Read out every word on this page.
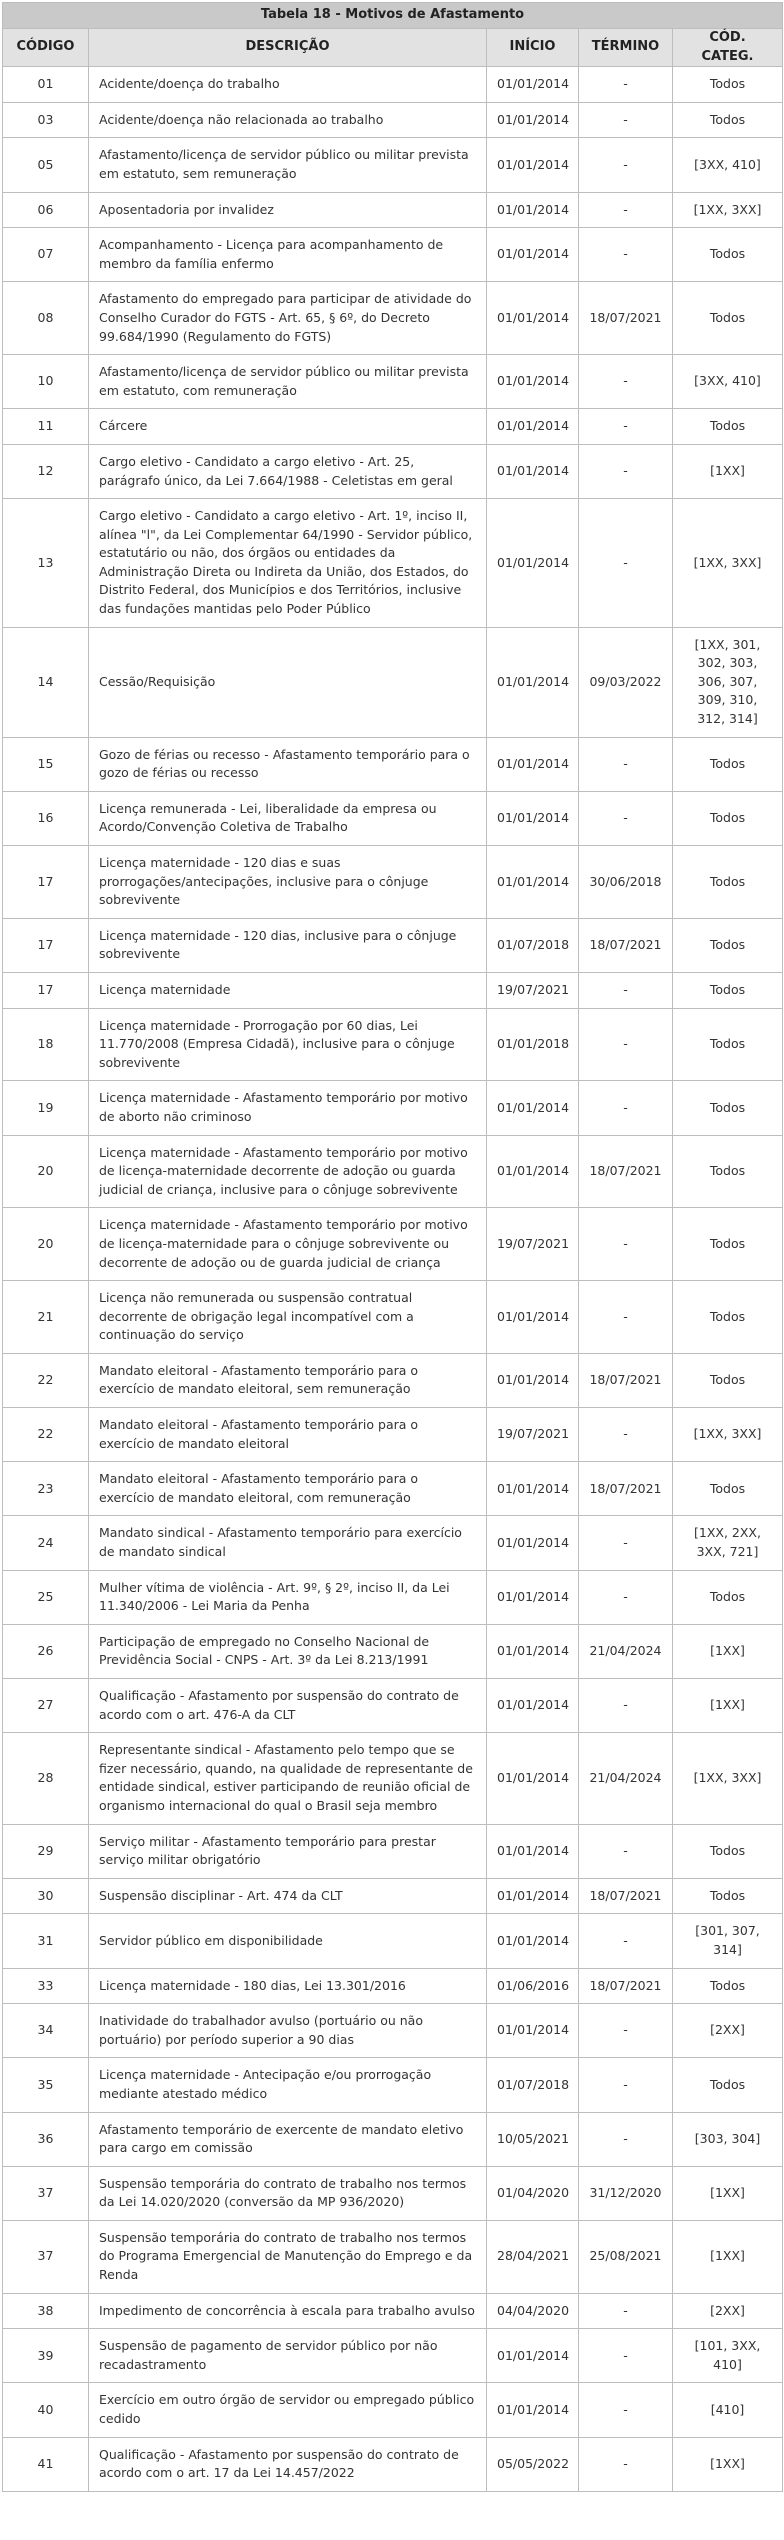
Tabela 18 - Motivos de Afastamento				
CÓDIGO	DESCRIÇÃO	INÍCIO	TÉRMINO	CÓD. CATEG.
01	Acidente/doença do trabalho	01/01/2014	-	Todos
03	Acidente/doença não relacionada ao trabalho	01/01/2014	-	Todos
05	Afastamento/licença de servidor público ou militar prevista em estatuto, sem remuneração	01/01/2014	-	[3XX, 410]
06	Aposentadoria por invalidez	01/01/2014	-	[1XX, 3XX]
07	Acompanhamento - Licença para acompanhamento de membro da família enfermo	01/01/2014	-	Todos
08	Afastamento do empregado para participar de atividade do Conselho Curador do FGTS - Art. 65, § 6º, do Decreto 99.684/1990 (Regulamento do FGTS)	01/01/2014	18/07/2021	Todos
10	Afastamento/licença de servidor público ou militar prevista em estatuto, com remuneração	01/01/2014	-	[3XX, 410]
11	Cárcere	01/01/2014	-	Todos
12	Cargo eletivo - Candidato a cargo eletivo - Art. 25, parágrafo único, da Lei 7.664/1988 - Celetistas em geral	01/01/2014	-	[1XX]
13	Cargo eletivo - Candidato a cargo eletivo - Art. 1º, inciso II, alínea "l", da Lei Complementar 64/1990 - Servidor público, estatutário ou não, dos órgãos ou entidades da Administração Direta ou Indireta da União, dos Estados, do Distrito Federal, dos Municípios e dos Territórios, inclusive das fundações mantidas pelo Poder Público	01/01/2014	-	[1XX, 3XX]
14	Cessão/Requisição	01/01/2014	09/03/2022	[1XX, 301, 302, 303, 306, 307, 309, 310, 312, 314]
15	Gozo de férias ou recesso - Afastamento temporário para o gozo de férias ou recesso	01/01/2014	-	Todos
16	Licença remunerada - Lei, liberalidade da empresa ou Acordo/Convenção Coletiva de Trabalho	01/01/2014	-	Todos
17	Licença maternidade - 120 dias e suas prorrogações/antecipações, inclusive para o cônjuge sobrevivente	01/01/2014	30/06/2018	Todos
17	Licença maternidade - 120 dias, inclusive para o cônjuge sobrevivente	01/07/2018	18/07/2021	Todos
17	Licença maternidade	19/07/2021	-	Todos
18	Licença maternidade - Prorrogação por 60 dias, Lei 11.770/2008 (Empresa Cidadã), inclusive para o cônjuge sobrevivente	01/01/2018	-	Todos
19	Licença maternidade - Afastamento temporário por motivo de aborto não criminoso	01/01/2014	-	Todos
20	Licença maternidade - Afastamento temporário por motivo de licença-maternidade decorrente de adoção ou guarda judicial de criança, inclusive para o cônjuge sobrevivente	01/01/2014	18/07/2021	Todos
20	Licença maternidade - Afastamento temporário por motivo de licença-maternidade para o cônjuge sobrevivente ou decorrente de adoção ou de guarda judicial de criança	19/07/2021	-	Todos
21	Licença não remunerada ou suspensão contratual decorrente de obrigação legal incompatível com a continuação do serviço	01/01/2014	-	Todos
22	Mandato eleitoral - Afastamento temporário para o exercício de mandato eleitoral, sem remuneração	01/01/2014	18/07/2021	Todos
22	Mandato eleitoral - Afastamento temporário para o exercício de mandato eleitoral	19/07/2021	-	[1XX, 3XX]
23	Mandato eleitoral - Afastamento temporário para o exercício de mandato eleitoral, com remuneração	01/01/2014	18/07/2021	Todos
24	Mandato sindical - Afastamento temporário para exercício de mandato sindical	01/01/2014	-	[1XX, 2XX, 3XX, 721]
25	Mulher vítima de violência - Art. 9º, § 2º, inciso II, da Lei 11.340/2006 - Lei Maria da Penha	01/01/2014	-	Todos
26	Participação de empregado no Conselho Nacional de Previdência Social - CNPS - Art. 3º da Lei 8.213/1991	01/01/2014	21/04/2024	[1XX]
27	Qualificação - Afastamento por suspensão do contrato de acordo com o art. 476-A da CLT	01/01/2014	-	[1XX]
28	Representante sindical - Afastamento pelo tempo que se fizer necessário, quando, na qualidade de representante de entidade sindical, estiver participando de reunião oficial de organismo internacional do qual o Brasil seja membro	01/01/2014	21/04/2024	[1XX, 3XX]
29	Serviço militar - Afastamento temporário para prestar serviço militar obrigatório	01/01/2014	-	Todos
30	Suspensão disciplinar - Art. 474 da CLT	01/01/2014	18/07/2021	Todos
31	Servidor público em disponibilidade	01/01/2014	-	[301, 307, 314]
33	Licença maternidade - 180 dias, Lei 13.301/2016	01/06/2016	18/07/2021	Todos
34	Inatividade do trabalhador avulso (portuário ou não portuário) por período superior a 90 dias	01/01/2014	-	[2XX]
35	Licença maternidade - Antecipação e/ou prorrogação mediante atestado médico	01/07/2018	-	Todos
36	Afastamento temporário de exercente de mandato eletivo para cargo em comissão	10/05/2021	-	[303, 304]
37	Suspensão temporária do contrato de trabalho nos termos da Lei 14.020/2020 (conversão da MP 936/2020)	01/04/2020	31/12/2020	[1XX]
37	Suspensão temporária do contrato de trabalho nos termos do Programa Emergencial de Manutenção do Emprego e da Renda	28/04/2021	25/08/2021	[1XX]
38	Impedimento de concorrência à escala para trabalho avulso	04/04/2020	-	[2XX]
39	Suspensão de pagamento de servidor público por não recadastramento	01/01/2014	-	[101, 3XX, 410]
40	Exercício em outro órgão de servidor ou empregado público cedido	01/01/2014	-	[410]
41	Qualificação - Afastamento por suspensão do contrato de acordo com o art. 17 da Lei 14.457/2022	05/05/2022	-	[1XX]
